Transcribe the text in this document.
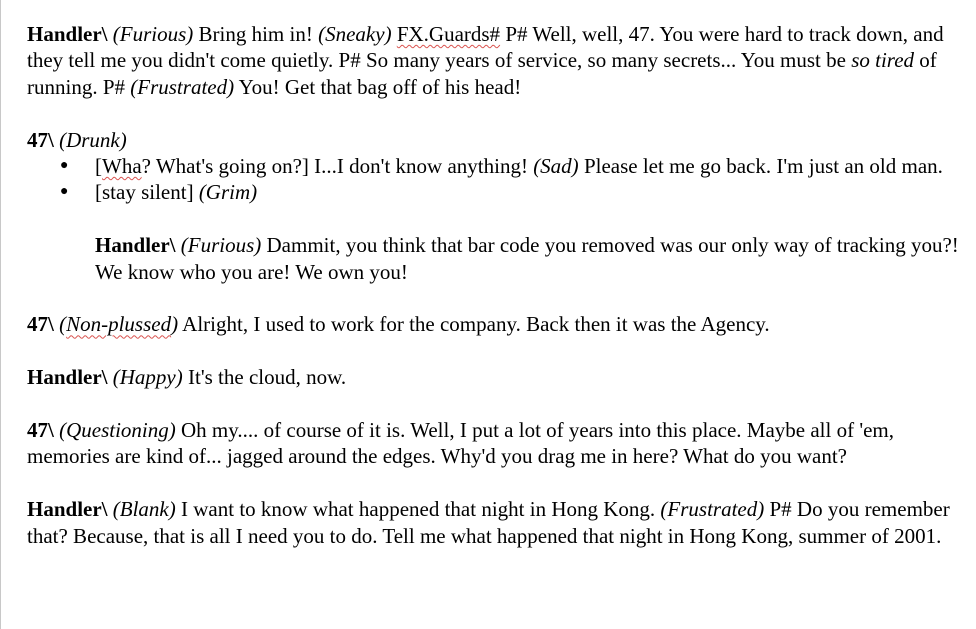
Handler\ (Furious) Bring him in! (Sneaky) FX.Guards# P# Well, well, 47. You were hard to track down, and they tell me you didn't come quietly. P# So many years of service, so many secrets... You must be so tired of running. P# (Frustrated) You! Get that bag off of his head!

47\ (Drunk)

● [Wha? What's going on?] I...I don't know anything! (Sad) Please let me go back. I'm just an old man.
● [stay silent] (Grim)

Handler\ (Furious) Dammit, you think that bar code you removed was our only way of tracking you?! We know who you are! We own you!

47\ (Non-plussed) Alright, I used to work for the company. Back then it was the Agency.

Handler\ (Happy) It's the cloud, now.

47\ (Questioning) Oh my.... of course of it is. Well, I put a lot of years into this place. Maybe all of 'em, memories are kind of... jagged around the edges. Why'd you drag me in here? What do you want?

Handler\ (Blank) I want to know what happened that night in Hong Kong. (Frustrated) P# Do you remember that? Because, that is all I need you to do. Tell me what happened that night in Hong Kong, summer of 2001.
